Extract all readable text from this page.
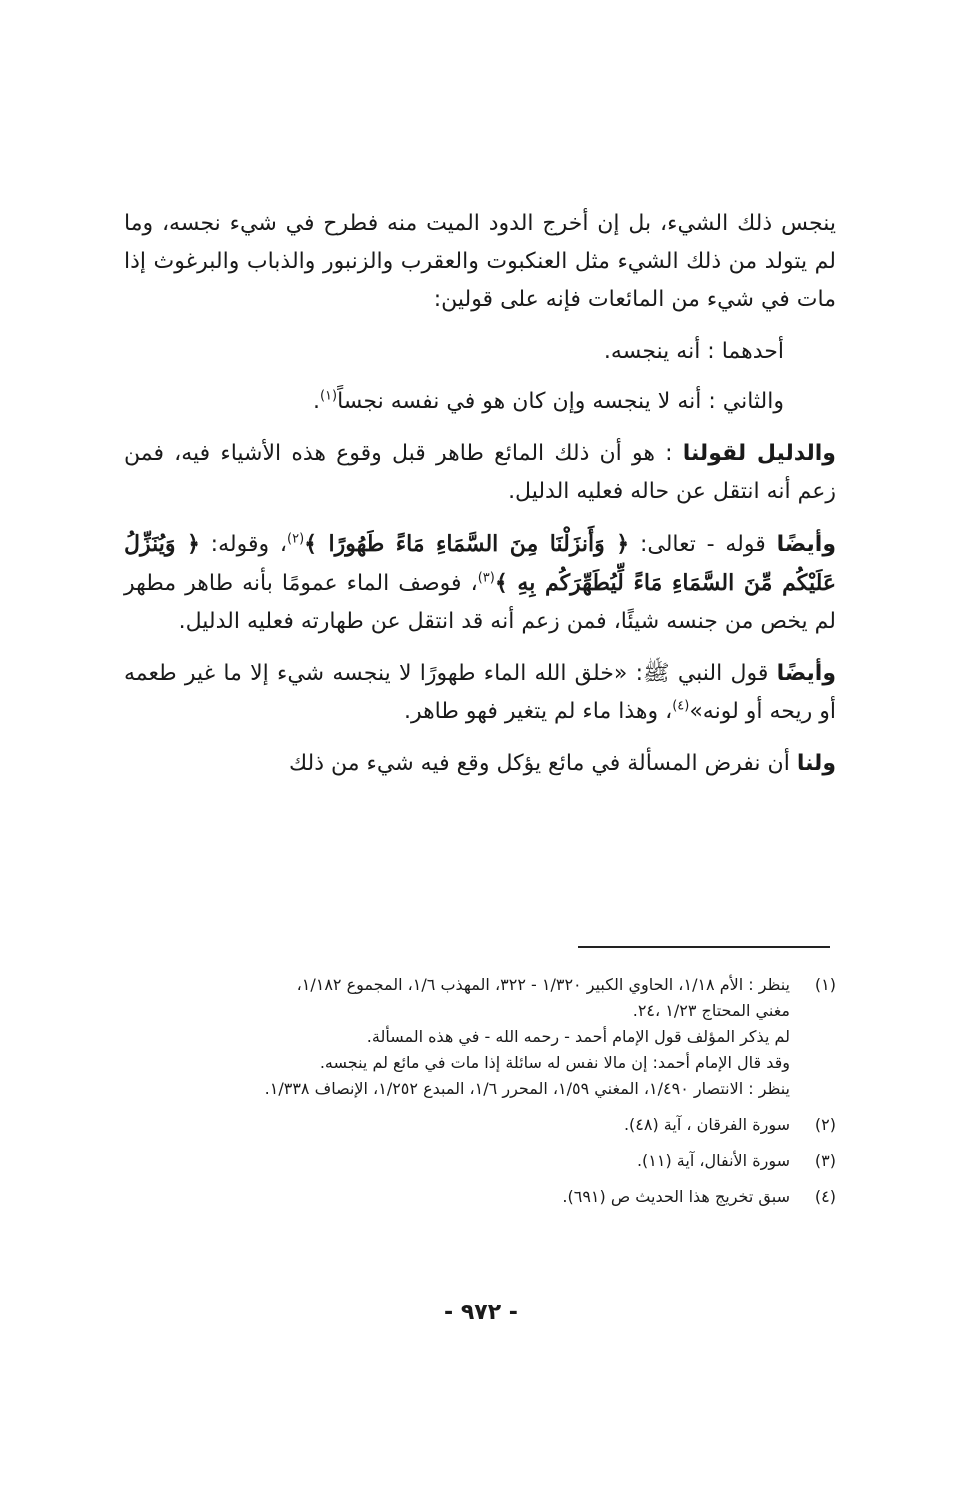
ينجس ذلك الشيء، بل إن أخرج الدود الميت منه فطرح في شيء نجسه، وما لم يتولد من ذلك الشيء مثل العنكبوت والعقرب والزنبور والذباب والبرغوث إذا مات في شيء من المائعات فإنه على قولين:

أحدهما : أنه ينجسه.

والثاني : أنه لا ينجسه وإن كان هو في نفسه نجساً$^{(١)}$.

والدليل لقولنا : هو أن ذلك المائع طاهر قبل وقوع هذه الأشياء فيه، فمن زعم أنه انتقل عن حاله فعليه الدليل.

وأيضًا قوله - تعالى: ﴿ وَأَنزَلْنَا مِنَ السَّمَاءِ مَاءً طَهُورًا ﴾$^{(٢)}$، وقوله: ﴿ وَيُنَزِّلُ عَلَيْكُم مِّنَ السَّمَاءِ مَاءً لِّيُطَهِّرَكُم بِهِ ﴾$^{(٣)}$، فوصف الماء عمومًا بأنه طاهر مطهر لم يخص من جنسه شيئًا، فمن زعم أنه قد انتقل عن طهارته فعليه الدليل.

وأيضًا قول النبي ﷺ: «خلق الله الماء طهورًا لا ينجسه شيء إلا ما غير طعمه أو ريحه أو لونه»$^{(٤)}$، وهذا ماء لم يتغير فهو طاهر.

ولنا أن نفرض المسألة في مائع يؤكل وقع فيه شيء من ذلك

(١)
ينظر : الأم ١/١٨، الحاوي الكبير ١/٣٢٠ - ٣٢٢، المهذب ١/٦، المجموع ١/١٨٢،
مغني المحتاج ١/٢٣ ،٢٤.
لم يذكر المؤلف قول الإمام أحمد - رحمه الله - في هذه المسألة.
وقد قال الإمام أحمد: إن مالا نفس له سائلة إذا مات في مائع لم ينجسه.
ينظر : الانتصار ١/٤٩٠، المغني ١/٥٩، المحرر ١/٦، المبدع ١/٢٥٢، الإنصاف ١/٣٣٨.
(٢)
سورة الفرقان ، آية (٤٨).
(٣)
سورة الأنفال، آية (١١).
(٤)
سبق تخريج هذا الحديث ص (٦٩١).
- ٩٧٢ -
